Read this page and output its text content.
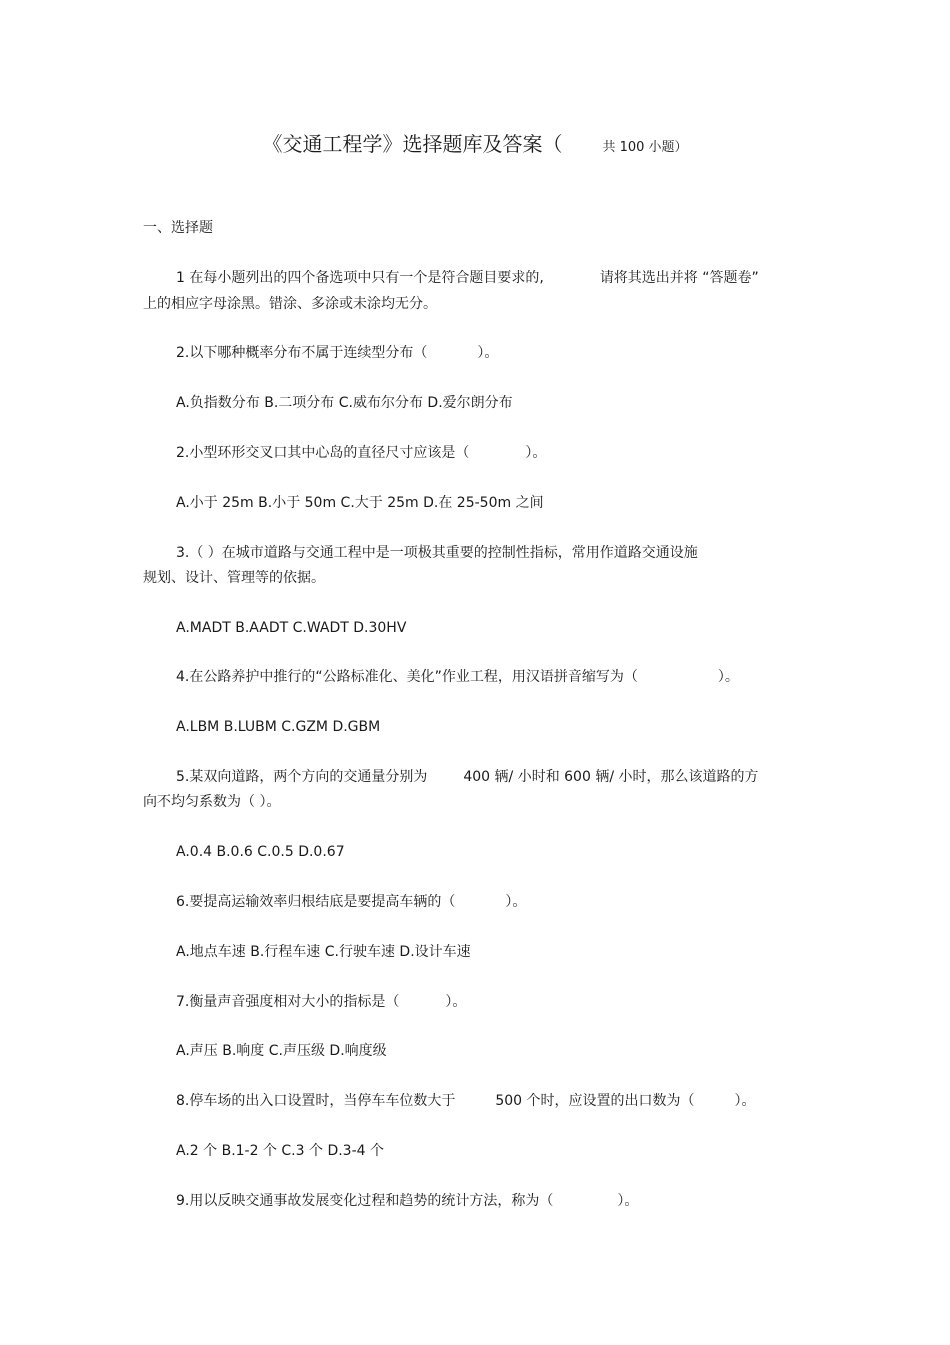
《交通工程学》选择题库及答案（	共 100 小题）
一、选择题
1 在每小题列出的四个备选项中只有一个是符合题目要求的,	请将其选出并将 “答题卷”
上的相应字母涂黑。错涂、多涂或未涂均无分。
2.以下哪种概率分布不属于连续型分布（	）。
A.负指数分布 B.二项分布 C.威布尔分布 D.爱尔朗分布
2.小型环形交叉口其中心岛的直径尺寸应该是（	）。
A.小于 25m B.小于 50m C.大于 25m D.在 25-50m 之间
3.（ ）在城市道路与交通工程中是一项极其重要的控制性指标，常用作道路交通设施
规划、设计、管理等的依据。
A.MADT B.AADT C.WADT D.30HV
4.在公路养护中推行的“公路标准化、美化”作业工程，用汉语拼音缩写为（	）。
A.LBM B.LUBM C.GZM D.GBM
5.某双向道路，两个方向的交通量分别为	400 辆/ 小时和 600 辆/ 小时，那么该道路的方
向不均匀系数为（ ）。
A.0.4 B.0.6 C.0.5 D.0.67
6.要提高运输效率归根结底是要提高车辆的（	）。
A.地点车速 B.行程车速 C.行驶车速 D.设计车速
7.衡量声音强度相对大小的指标是（	）。
A.声压 B.响度 C.声压级 D.响度级
8.停车场的出入口设置时，当停车车位数大于	500 个时，应设置的出口数为（	）。
A.2 个 B.1-2 个 C.3 个 D.3-4 个
9.用以反映交通事故发展变化过程和趋势的统计方法，称为（	）。
